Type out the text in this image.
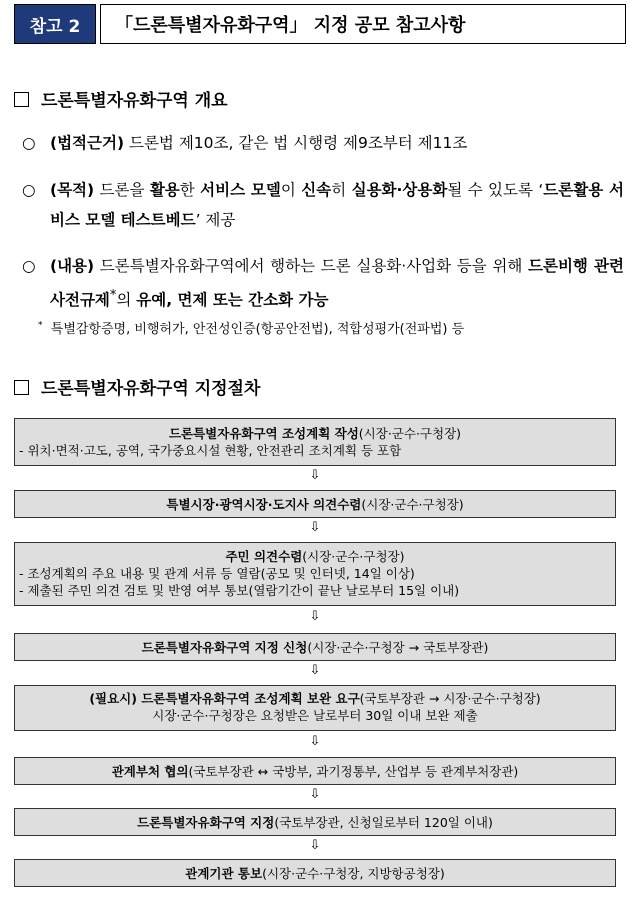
참고 2	「드론특별자유화구역」 지정 공모 참고사항
드론특별자유화구역 개요
○ (법적근거) 드론법 제10조, 같은 법 시행령 제9조부터 제11조
○ (목적) 드론을 활용한 서비스 모델이 신속히 실용화·상용화될 수 있도록 ‘드론활용 서비스 모델 테스트베드’ 제공
○ (내용) 드론특별자유화구역에서 행하는 드론 실용화·사업화 등을 위해 드론비행 관련 사전규제*의 유예, 면제 또는 간소화 가능
* 특별감항증명, 비행허가, 안전성인증(항공안전법), 적합성평가(전파법) 등
드론특별자유화구역 지정절차
드론특별자유화구역 조성계획 작성(시장·군수·구청장)
- 위치·면적·고도, 공역, 국가중요시설 현황, 안전관리 조치계획 등 포함
⇩
특별시장·광역시장·도지사 의견수렴(시장·군수·구청장)
⇩
주민 의견수렴(시장·군수·구청장)
- 조성계획의 주요 내용 및 관계 서류 등 열람(공모 및 인터넷, 14일 이상)
- 제출된 주민 의견 검토 및 반영 여부 통보(열람기간이 끝난 날로부터 15일 이내)
⇩
드론특별자유화구역 지정 신청(시장·군수·구청장 → 국토부장관)
⇩
(필요시) 드론특별자유화구역 조성계획 보완 요구(국토부장관 → 시장·군수·구청장)
시장·군수·구청장은 요청받은 날로부터 30일 이내 보완 제출
⇩
관계부처 협의(국토부장관 ↔ 국방부, 과기정통부, 산업부 등 관계부처장관)
⇩
드론특별자유화구역 지정(국토부장관, 신청일로부터 120일 이내)
⇩
관계기관 통보(시장·군수·구청장, 지방항공청장)
